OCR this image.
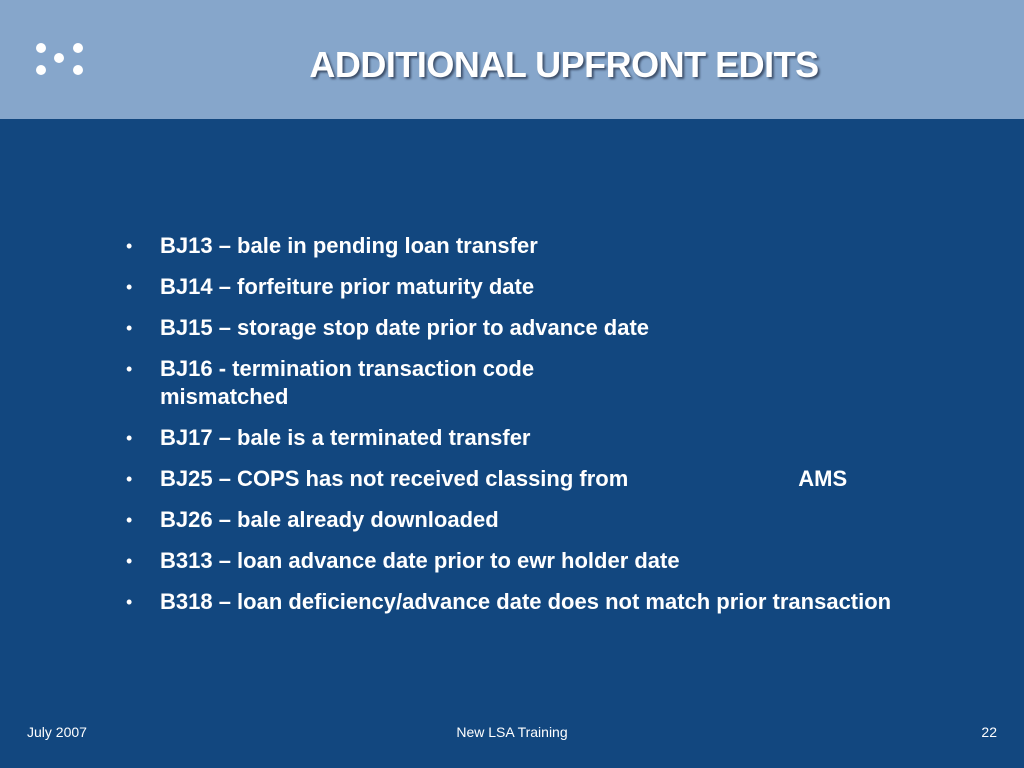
ADDITIONAL UPFRONT EDITS
• BJ13 – bale in pending loan transfer
• BJ14 – forfeiture prior maturity date
• BJ15 – storage stop date prior to advance date
• BJ16 - termination transaction code mismatched
• BJ17 – bale is a terminated transfer
• BJ25 – COPS has not received classing from	AMS
• BJ26 – bale already downloaded
• B313 – loan advance date prior to ewr holder date
• B318 – loan deficiency/advance date does not match prior transaction
July 2007	New LSA Training	22
